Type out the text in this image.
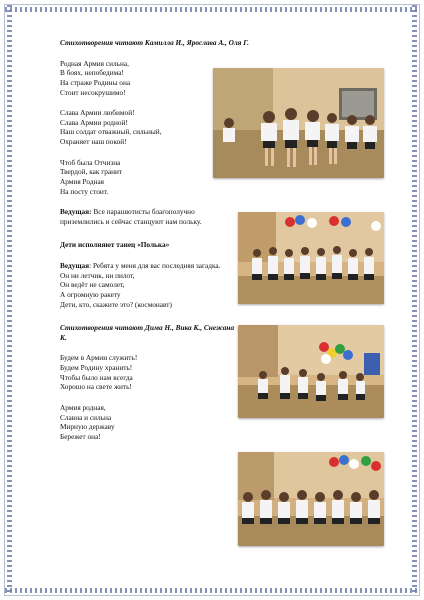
Стихотворения читают Камилла И., Ярослава А., Оля Г.

Родная Армия сильна,
В боях, непобедима!
На страже Родины она
Стоит несокрушимо!

Слава Армии любимой!
Слава Армии родной!
Наш солдат отважный, сильный,
Охраняет наш покой!

Чтоб была Отчизна
Твердой, как гранит
Армия Родная
На посту стоит.

Ведущая: Все парашютисты благополучно приземлились и сейчас станцуют нам польку.

Дети исполняют танец «Полька»

Ведущая: Ребята у меня для вас последняя загадка.
Он ни летчик, ни пилот,
Он ведёт не самолет,
А огромную ракету
Дети, кто, скажите это? (космонавт)

Стихотворения читают Дима Н., Вика К., Снежана К.

Будем в Армии служить!
Будем Родину хранить!
Чтобы было нам всегда
Хорошо на свете жить!

Армия родная,
Славна и сильна
Мирную державу
Бережет она!
